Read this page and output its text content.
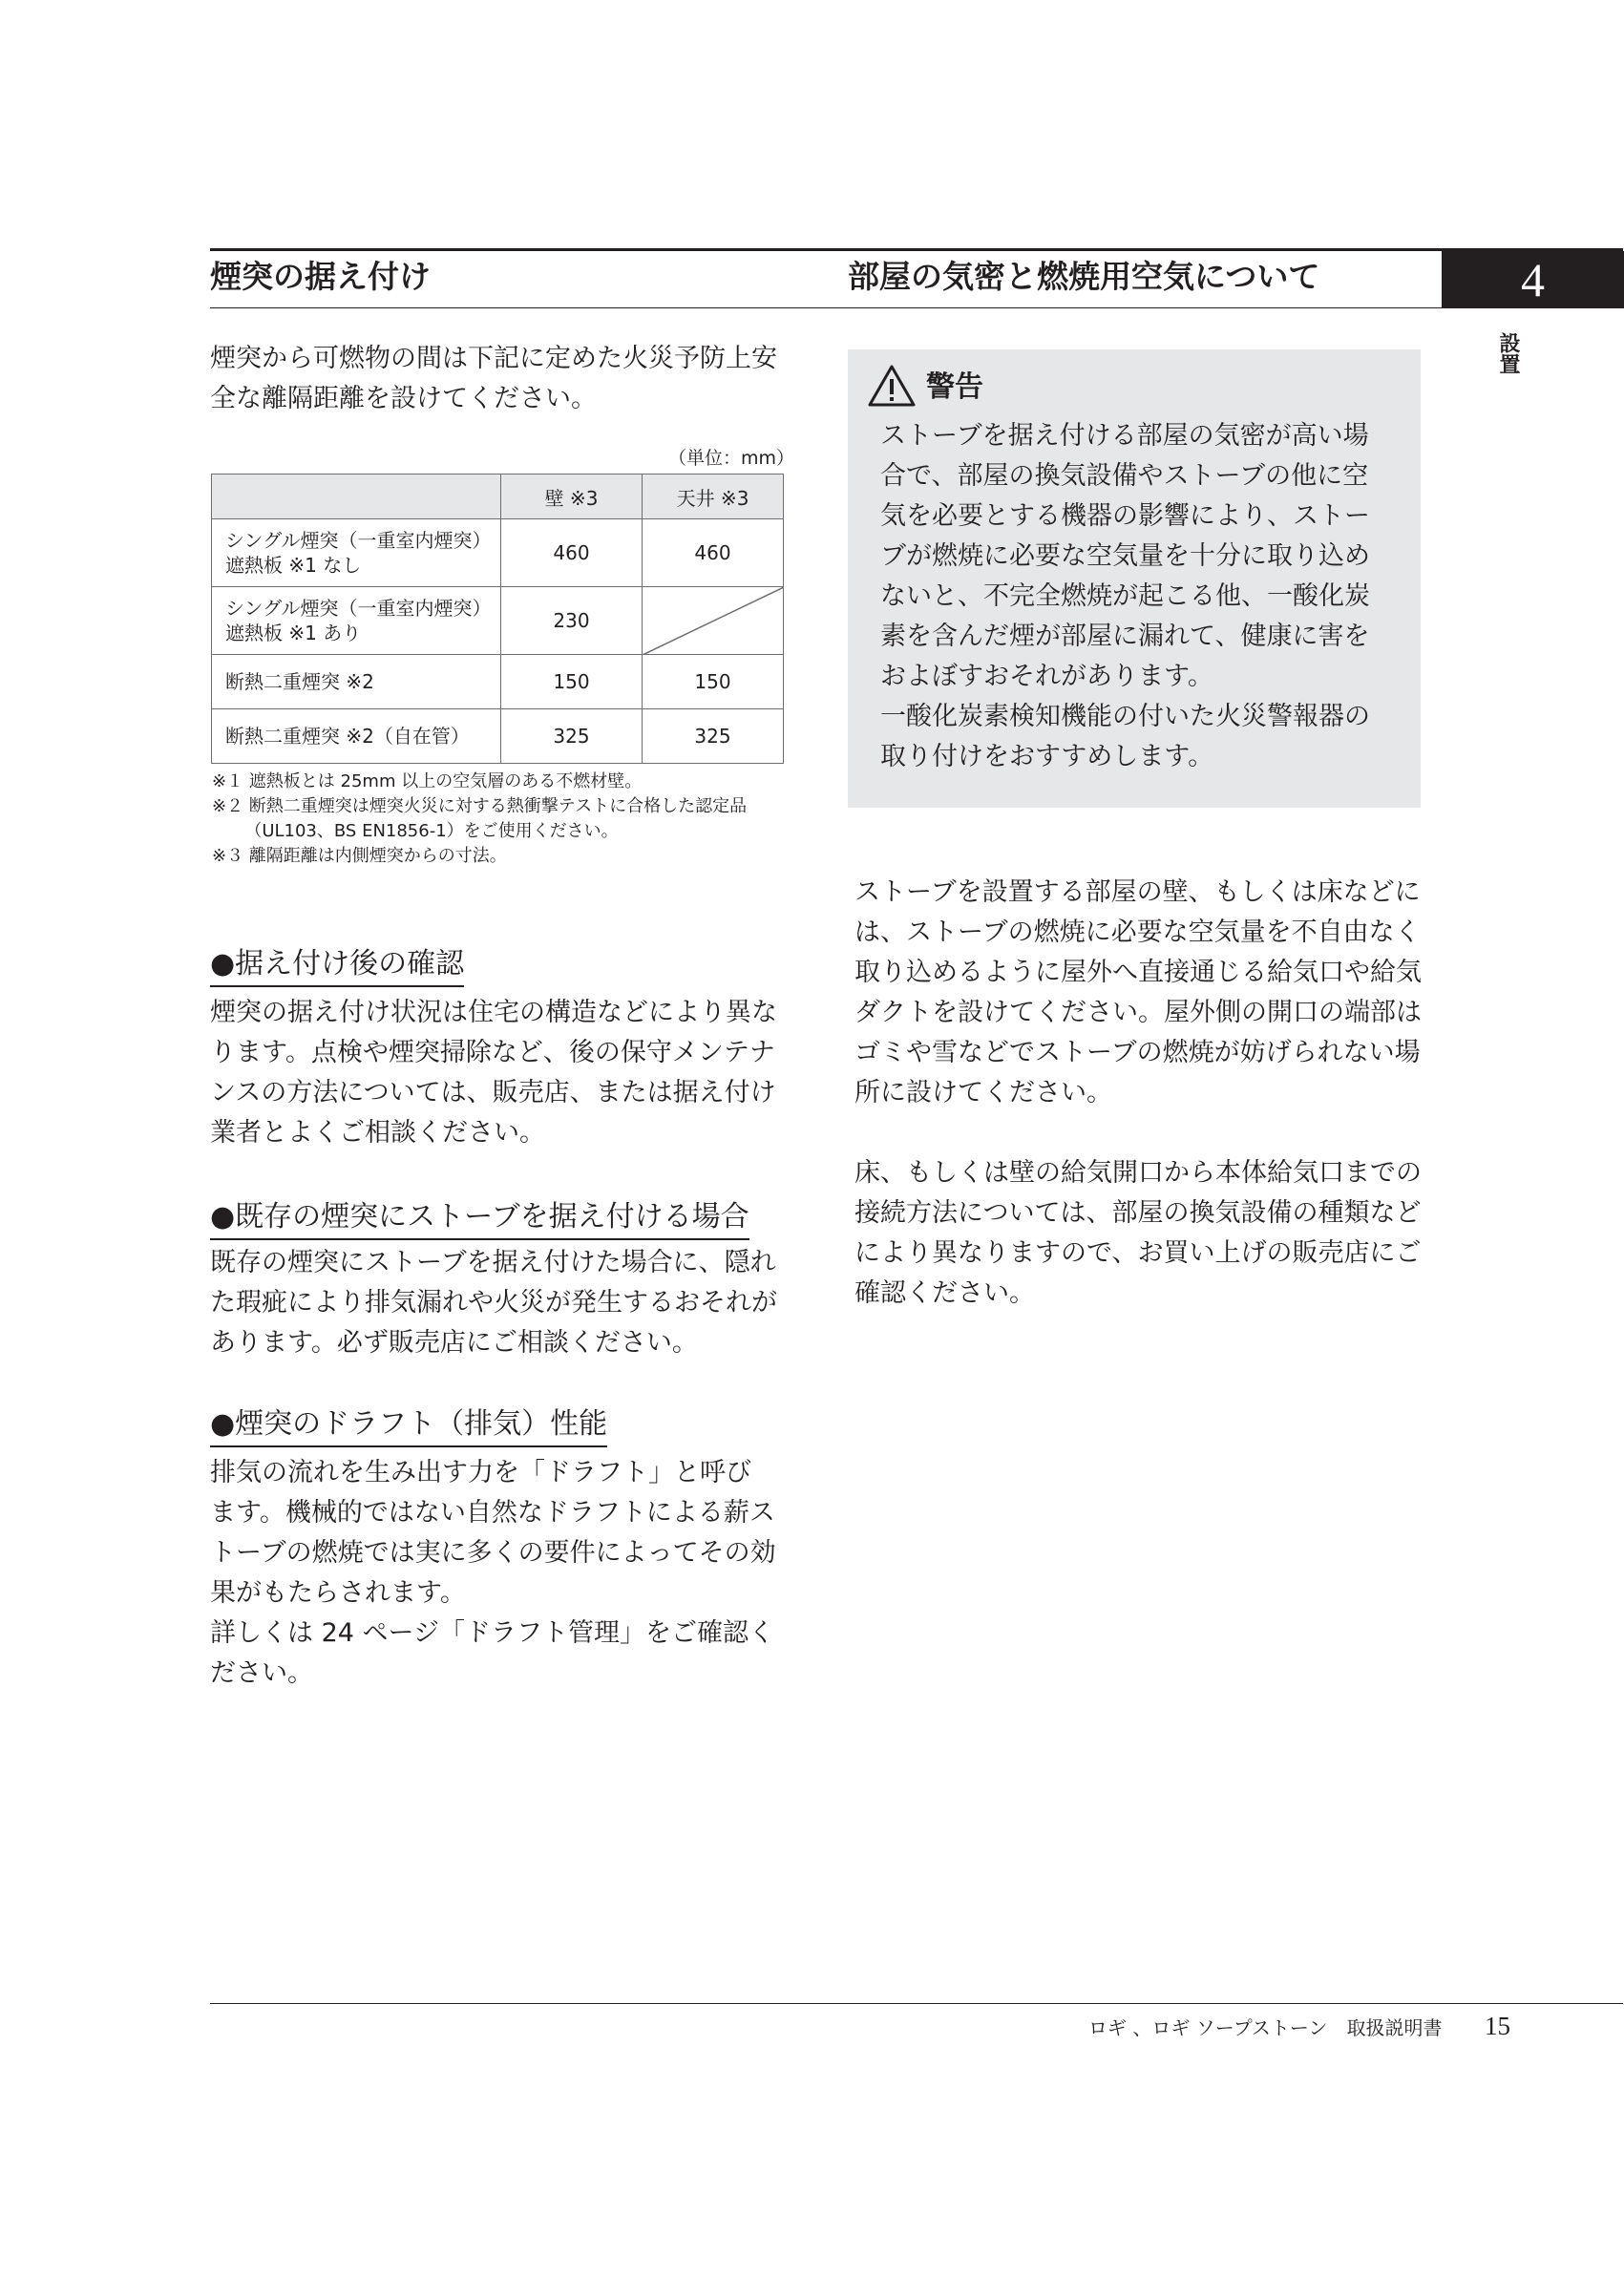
煙突の据え付け	部屋の気密と燃焼用空気について	4
設置
煙突から可燃物の間は下記に定めた火災予防上安
全な離隔距離を設けてください。
（単位：mm）
	壁 ※3	天井 ※3

シングル煙突（一重室内煙突）
遮熱板 ※1 なし	460	460

シングル煙突（一重室内煙突）
遮熱板 ※1 あり	230	

断熱二重煙突 ※2	150	150
断熱二重煙突 ※2（自在管）	325	325
※１ 遮熱板とは 25mm 以上の空気層のある不燃材壁。
※２ 断熱二重煙突は煙突火災に対する熱衝撃テストに合格した認定品
（UL103、BS EN1856-1）をご使用ください。
※３ 離隔距離は内側煙突からの寸法。
●据え付け後の確認
煙突の据え付け状況は住宅の構造などにより異な
ります。点検や煙突掃除など、後の保守メンテナ
ンスの方法については、販売店、または据え付け
業者とよくご相談ください。
●既存の煙突にストーブを据え付ける場合
既存の煙突にストーブを据え付けた場合に、隠れ
た瑕疵により排気漏れや火災が発生するおそれが
あります。必ず販売店にご相談ください。
●煙突のドラフト（排気）性能
排気の流れを生み出す力を「ドラフト」と呼び
ます。機械的ではない自然なドラフトによる薪ス
トーブの燃焼では実に多くの要件によってその効
果がもたらされます。
詳しくは 24 ページ「ドラフト管理」をご確認く
ださい。
警告
ストーブを据え付ける部屋の気密が高い場
合で、部屋の換気設備やストーブの他に空
気を必要とする機器の影響により、ストー
ブが燃焼に必要な空気量を十分に取り込め
ないと、不完全燃焼が起こる他、一酸化炭
素を含んだ煙が部屋に漏れて、健康に害を
およぼすおそれがあります。
一酸化炭素検知機能の付いた火災警報器の
取り付けをおすすめします。
ストーブを設置する部屋の壁、もしくは床などに
は、ストーブの燃焼に必要な空気量を不自由なく
取り込めるように屋外へ直接通じる給気口や給気
ダクトを設けてください。屋外側の開口の端部は
ゴミや雪などでストーブの燃焼が妨げられない場
所に設けてください。
床、もしくは壁の給気開口から本体給気口までの
接続方法については、部屋の換気設備の種類など
により異なりますので、お買い上げの販売店にご
確認ください。
ロギ 、ロギ ソープストーン　取扱説明書 15
